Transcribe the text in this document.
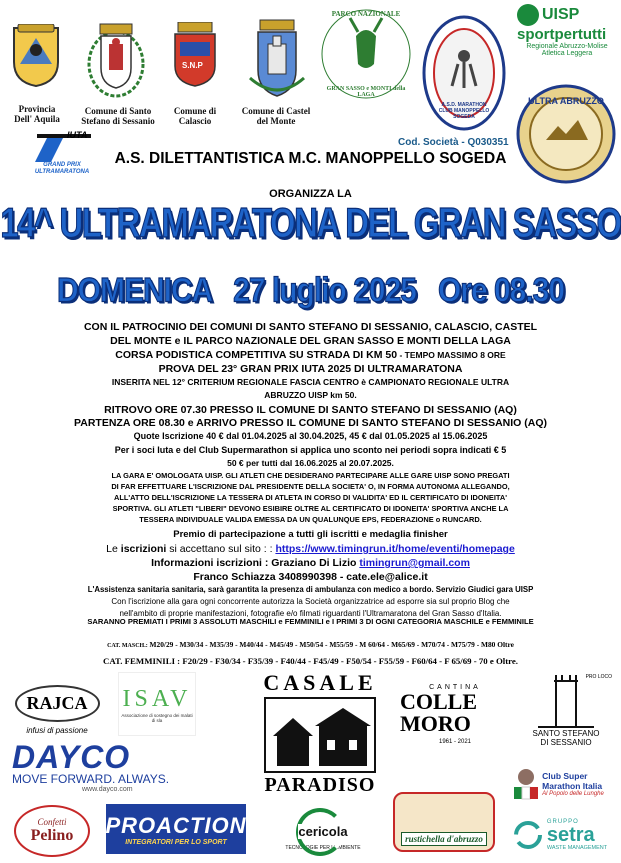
Provincia
Dell' Aquila
Comune di Santo
Stefano di Sessanio
S.N.P
Comune di
Calascio
Comune di Castel
del Monte
PARCO NAZIONALE
GRAN SASSO e MONTI della LAGA
A.S.D. MARATHON CLUB MANOPPELLO SOGEDA
UISP
sportpertutti
Regionale Abruzzo-Molise
Atletica Leggera
ULTRA ABRUZZO
IUTA
GRAND PRIX
ULTRAMARATONA
Cod. Società - Q030351
A.S. DILETTANTISTICA M.C. MANOPPELLO SOGEDA
ORGANIZZA LA
14^ ULTRAMARATONA DEL GRAN SASSO
DOMENICA   27 luglio 2025   Ore 08.30
CON IL PATROCINIO DEI COMUNI DI SANTO STEFANO DI SESSANIO, CALASCIO, CASTEL
DEL MONTE e IL PARCO NAZIONALE DEL GRAN SASSO E MONTI DELLA LAGA
CORSA PODISTICA COMPETITIVA SU STRADA DI KM 50 - TEMPO MASSIMO 8 ORE
PROVA DEL 23° GRAN PRIX IUTA 2025 DI ULTRAMARATONA
INSERITA NEL 12° CRITERIUM REGIONALE FASCIA CENTRO è CAMPIONATO REGIONALE ULTRA
ABRUZZO UISP km 50.
RITROVO ORE 07.30 PRESSO IL COMUNE DI SANTO STEFANO DI SESSANIO (AQ)
PARTENZA ORE 08.30 e ARRIVO PRESSO IL COMUNE DI SANTO STEFANO DI SESSANIO (AQ)
Quote Iscrizione 40 € dal 01.04.2025 al 30.04.2025, 45 € dal 01.05.2025 al 15.06.2025
Per i soci Iuta e del Club Supermarathon si applica uno sconto nei periodi sopra indicati € 5
50 € per tutti dal 16.06.2025 al 20.07.2025.
LA GARA E' OMOLOGATA UISP. GLI ATLETI CHE DESIDERANO PARTECIPARE ALLE GARE UISP SONO PREGATI
DI FAR EFFETTUARE L'ISCRIZIONE DAL PRESIDENTE DELLA SOCIETA' O, IN FORMA AUTONOMA ALLEGANDO,
ALL'ATTO DELL'ISCRIZIONE LA TESSERA DI ATLETA IN CORSO DI VALIDITA' ED IL CERTIFICATO DI IDONEITA'
SPORTIVA. GLI ATLETI "LIBERI" DEVONO ESIBIRE OLTRE AL CERTIFICATO DI IDONEITA' SPORTIVA ANCHE LA
TESSERA INDIVIDUALE VALIDA EMESSA DA UN QUALUNQUE EPS, FEDERAZIONE o RUNCARD.
Premio di partecipazione a tutti gli iscritti e medaglia finisher
Le iscrizioni si accettano sul sito : : https://www.timingrun.it/home/eventi/homepage
Informazioni iscrizioni : Graziano Di Lizio timingrun@gmail.com
Franco Schiazza 3408990398 - cate.ele@alice.it
L'Assistenza sanitaria sanitaria, sarà garantita la presenza di ambulanza con medico a bordo. Servizio Giudici gara UISP
Con l'iscrizione alla gara ogni concorrente autorizza la Società organizzatrice ad esporre sia sul proprio Blog che
nell'ambito di proprie manifestazioni, fotografie e/o filmati riguardanti l'Ultramaratona del Gran Sasso d'Italia.
SARANNO PREMIATI I PRIMI 3 ASSOLUTI MASCHILI e FEMMINILI e I PRIMI 3 DI OGNI CATEGORIA MASCHILE e FEMMINILE
CAT. MASCH.: M20/29 - M30/34 - M35/39 - M40/44 - M45/49 - M50/54 - M55/59 - M 60/64 - M65/69 - M70/74 - M75/79 - M80 Oltre
CAT. FEMMINILI : F20/29 - F30/34 - F35/39 - F40/44 - F45/49 - F50/54 - F55/59 - F60/64 - F 65/69 - 70 e Oltre.
RAJCA
infusi di passione
ISAV
Associazione di sostegno dei malati di sla
CASALE
PARADISO
CANTINA
COLLE MORO
1961 - 2021
PRO LOCO
SANTO STEFANO
DI SESSANIO
DAYCO
MOVE FORWARD. ALWAYS.
www.dayco.com
Club Super
Marathon Italia
Al Popolo delle Lunghe
Confetti
Pelino PROACTION
INTEGRATORI PER LO SPORT
cericola
TECNOLOGIE PER L'AMBIENTE
rustichella d'abruzzo
GRUPPO
setra
WASTE MANAGEMENT
